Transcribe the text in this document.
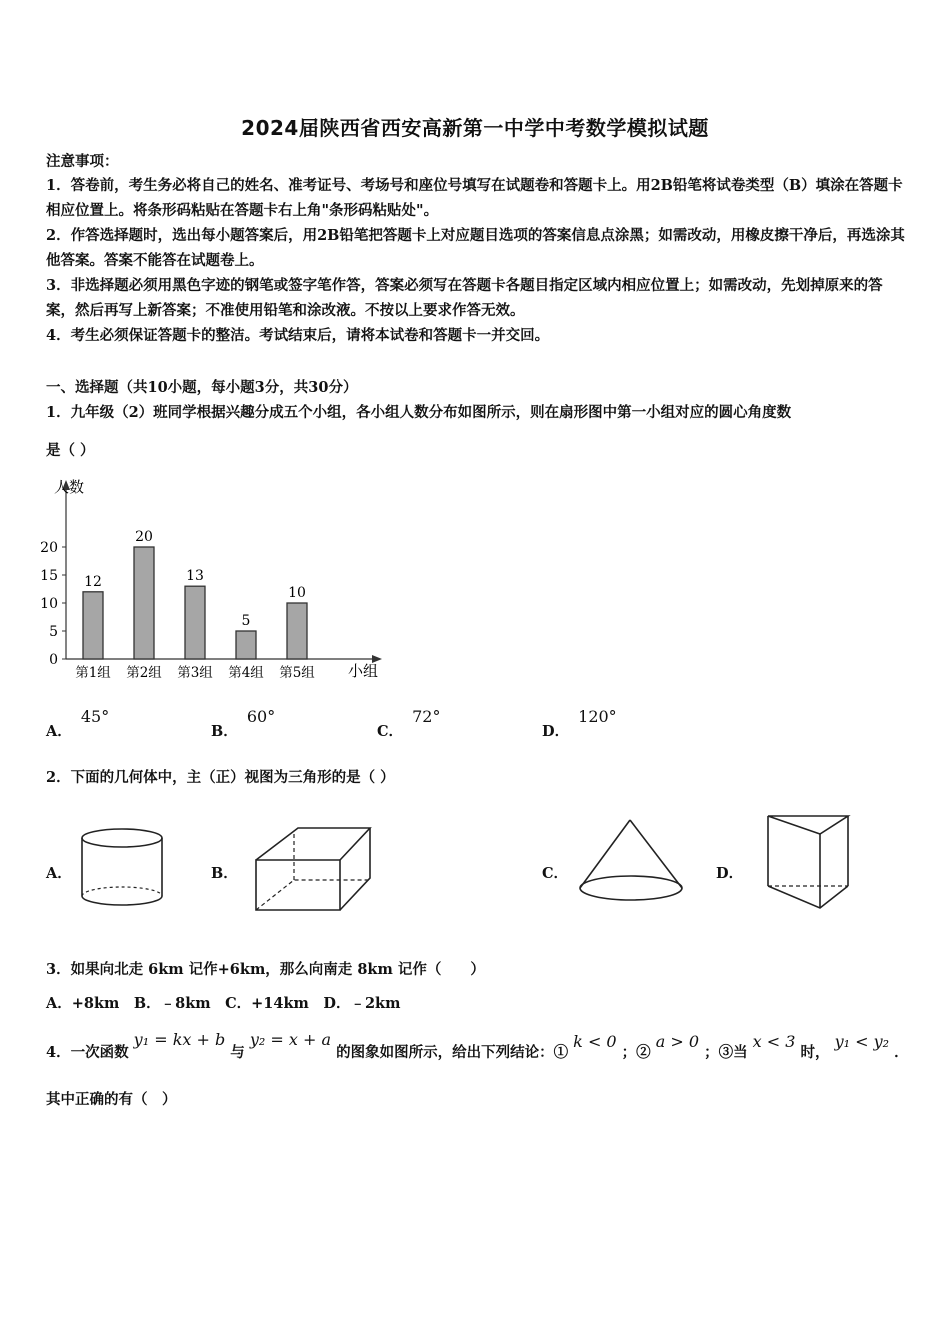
2024届陕西省西安高新第一中学中考数学模拟试题
注意事项：
1．答卷前，考生务必将自己的姓名、准考证号、考场号和座位号填写在试题卷和答题卡上。用2B铅笔将试卷类型（B）填涂在答题卡相应位置上。将条形码粘贴在答题卡右上角"条形码粘贴处"。
2．作答选择题时，选出每小题答案后，用2B铅笔把答题卡上对应题目选项的答案信息点涂黑；如需改动，用橡皮擦干净后，再选涂其他答案。答案不能答在试题卷上。
3．非选择题必须用黑色字迹的钢笔或签字笔作答，答案必须写在答题卡各题目指定区域内相应位置上；如需改动，先划掉原来的答案，然后再写上新答案；不准使用铅笔和涂改液。不按以上要求作答无效。
4．考生必须保证答题卡的整洁。考试结束后，请将本试卷和答题卡一并交回。
一、选择题（共10小题，每小题3分，共30分）
1．九年级（2）班同学根据兴趣分成五个小组，各小组人数分布如图所示，则在扇形图中第一小组对应的圆心角度数
是（ ）
人数
小组
0
5
10
15
20
12
第1组
20
第2组
13
第3组
5
第4组
10
第5组
A． 45°
B． 60°
C． 72°
D． 120°
2．下面的几何体中，主（正）视图为三角形的是（ ）
A．	B．	C．	D．
3．如果向北走 6km 记作+6km，那么向南走 8km 记作（　　）
A．+8km　B．﹣8km　C．+14km　D．﹣2km
4．一次函数 y₁ = kx + b 与 y₂ = x + a 的图象如图所示，给出下列结论：① k < 0 ；② a > 0 ；③当 x < 3 时， y₁ < y₂ ．
其中正确的有（　）
